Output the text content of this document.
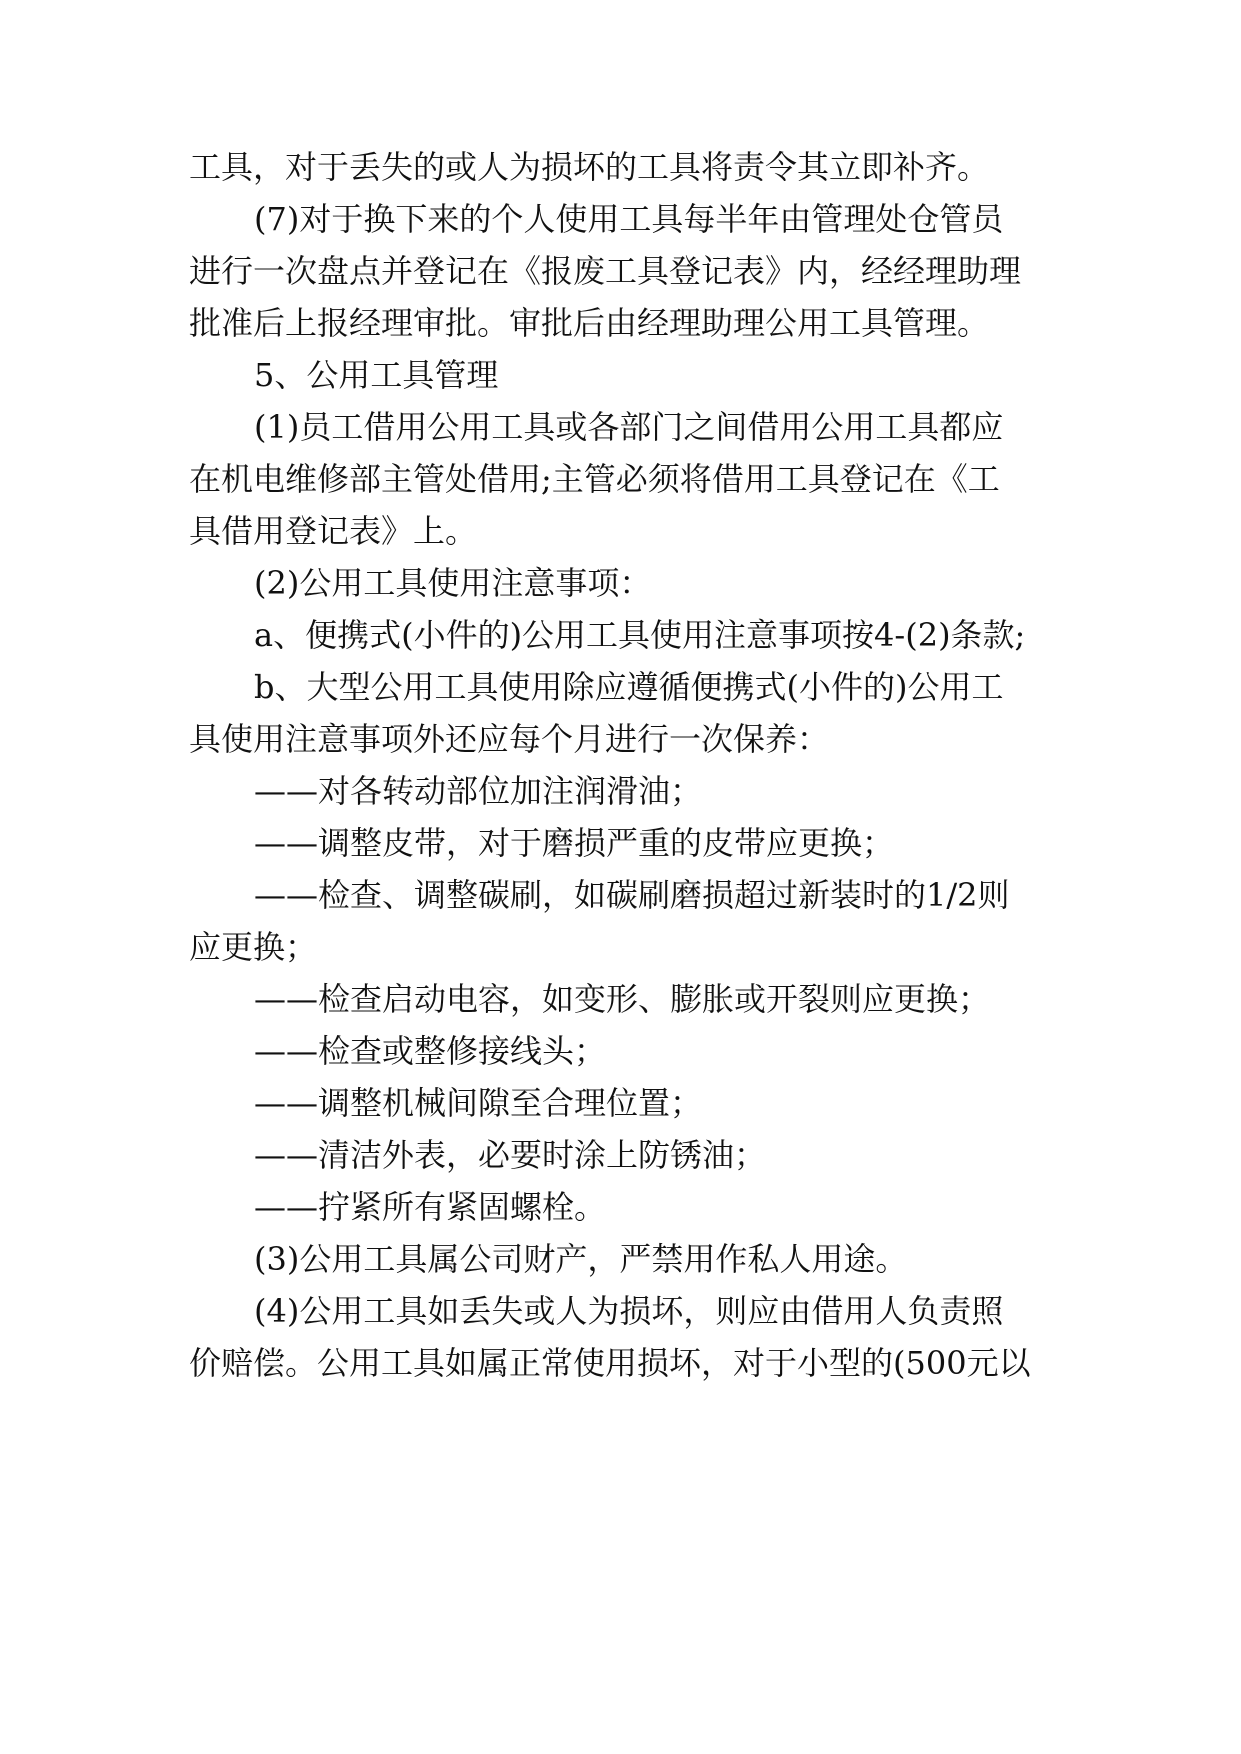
工具，对于丢失的或人为损坏的工具将责令其立即补齐。
(7)对于换下来的个人使用工具每半年由管理处仓管员
进行一次盘点并登记在《报废工具登记表》内，经经理助理
批准后上报经理审批。审批后由经理助理公用工具管理。
5、公用工具管理
(1)员工借用公用工具或各部门之间借用公用工具都应
在机电维修部主管处借用;主管必须将借用工具登记在《工
具借用登记表》上。
(2)公用工具使用注意事项：
a、便携式(小件的)公用工具使用注意事项按4-(2)条款;
b、大型公用工具使用除应遵循便携式(小件的)公用工
具使用注意事项外还应每个月进行一次保养：
——对各转动部位加注润滑油；
——调整皮带，对于磨损严重的皮带应更换；
——检查、调整碳刷，如碳刷磨损超过新装时的1/2则
应更换；
——检查启动电容，如变形、膨胀或开裂则应更换；
——检查或整修接线头；
——调整机械间隙至合理位置；
——清洁外表，必要时涂上防锈油；
——拧紧所有紧固螺栓。
(3)公用工具属公司财产，严禁用作私人用途。
(4)公用工具如丢失或人为损坏，则应由借用人负责照
价赔偿。公用工具如属正常使用损坏，对于小型的(500元以
